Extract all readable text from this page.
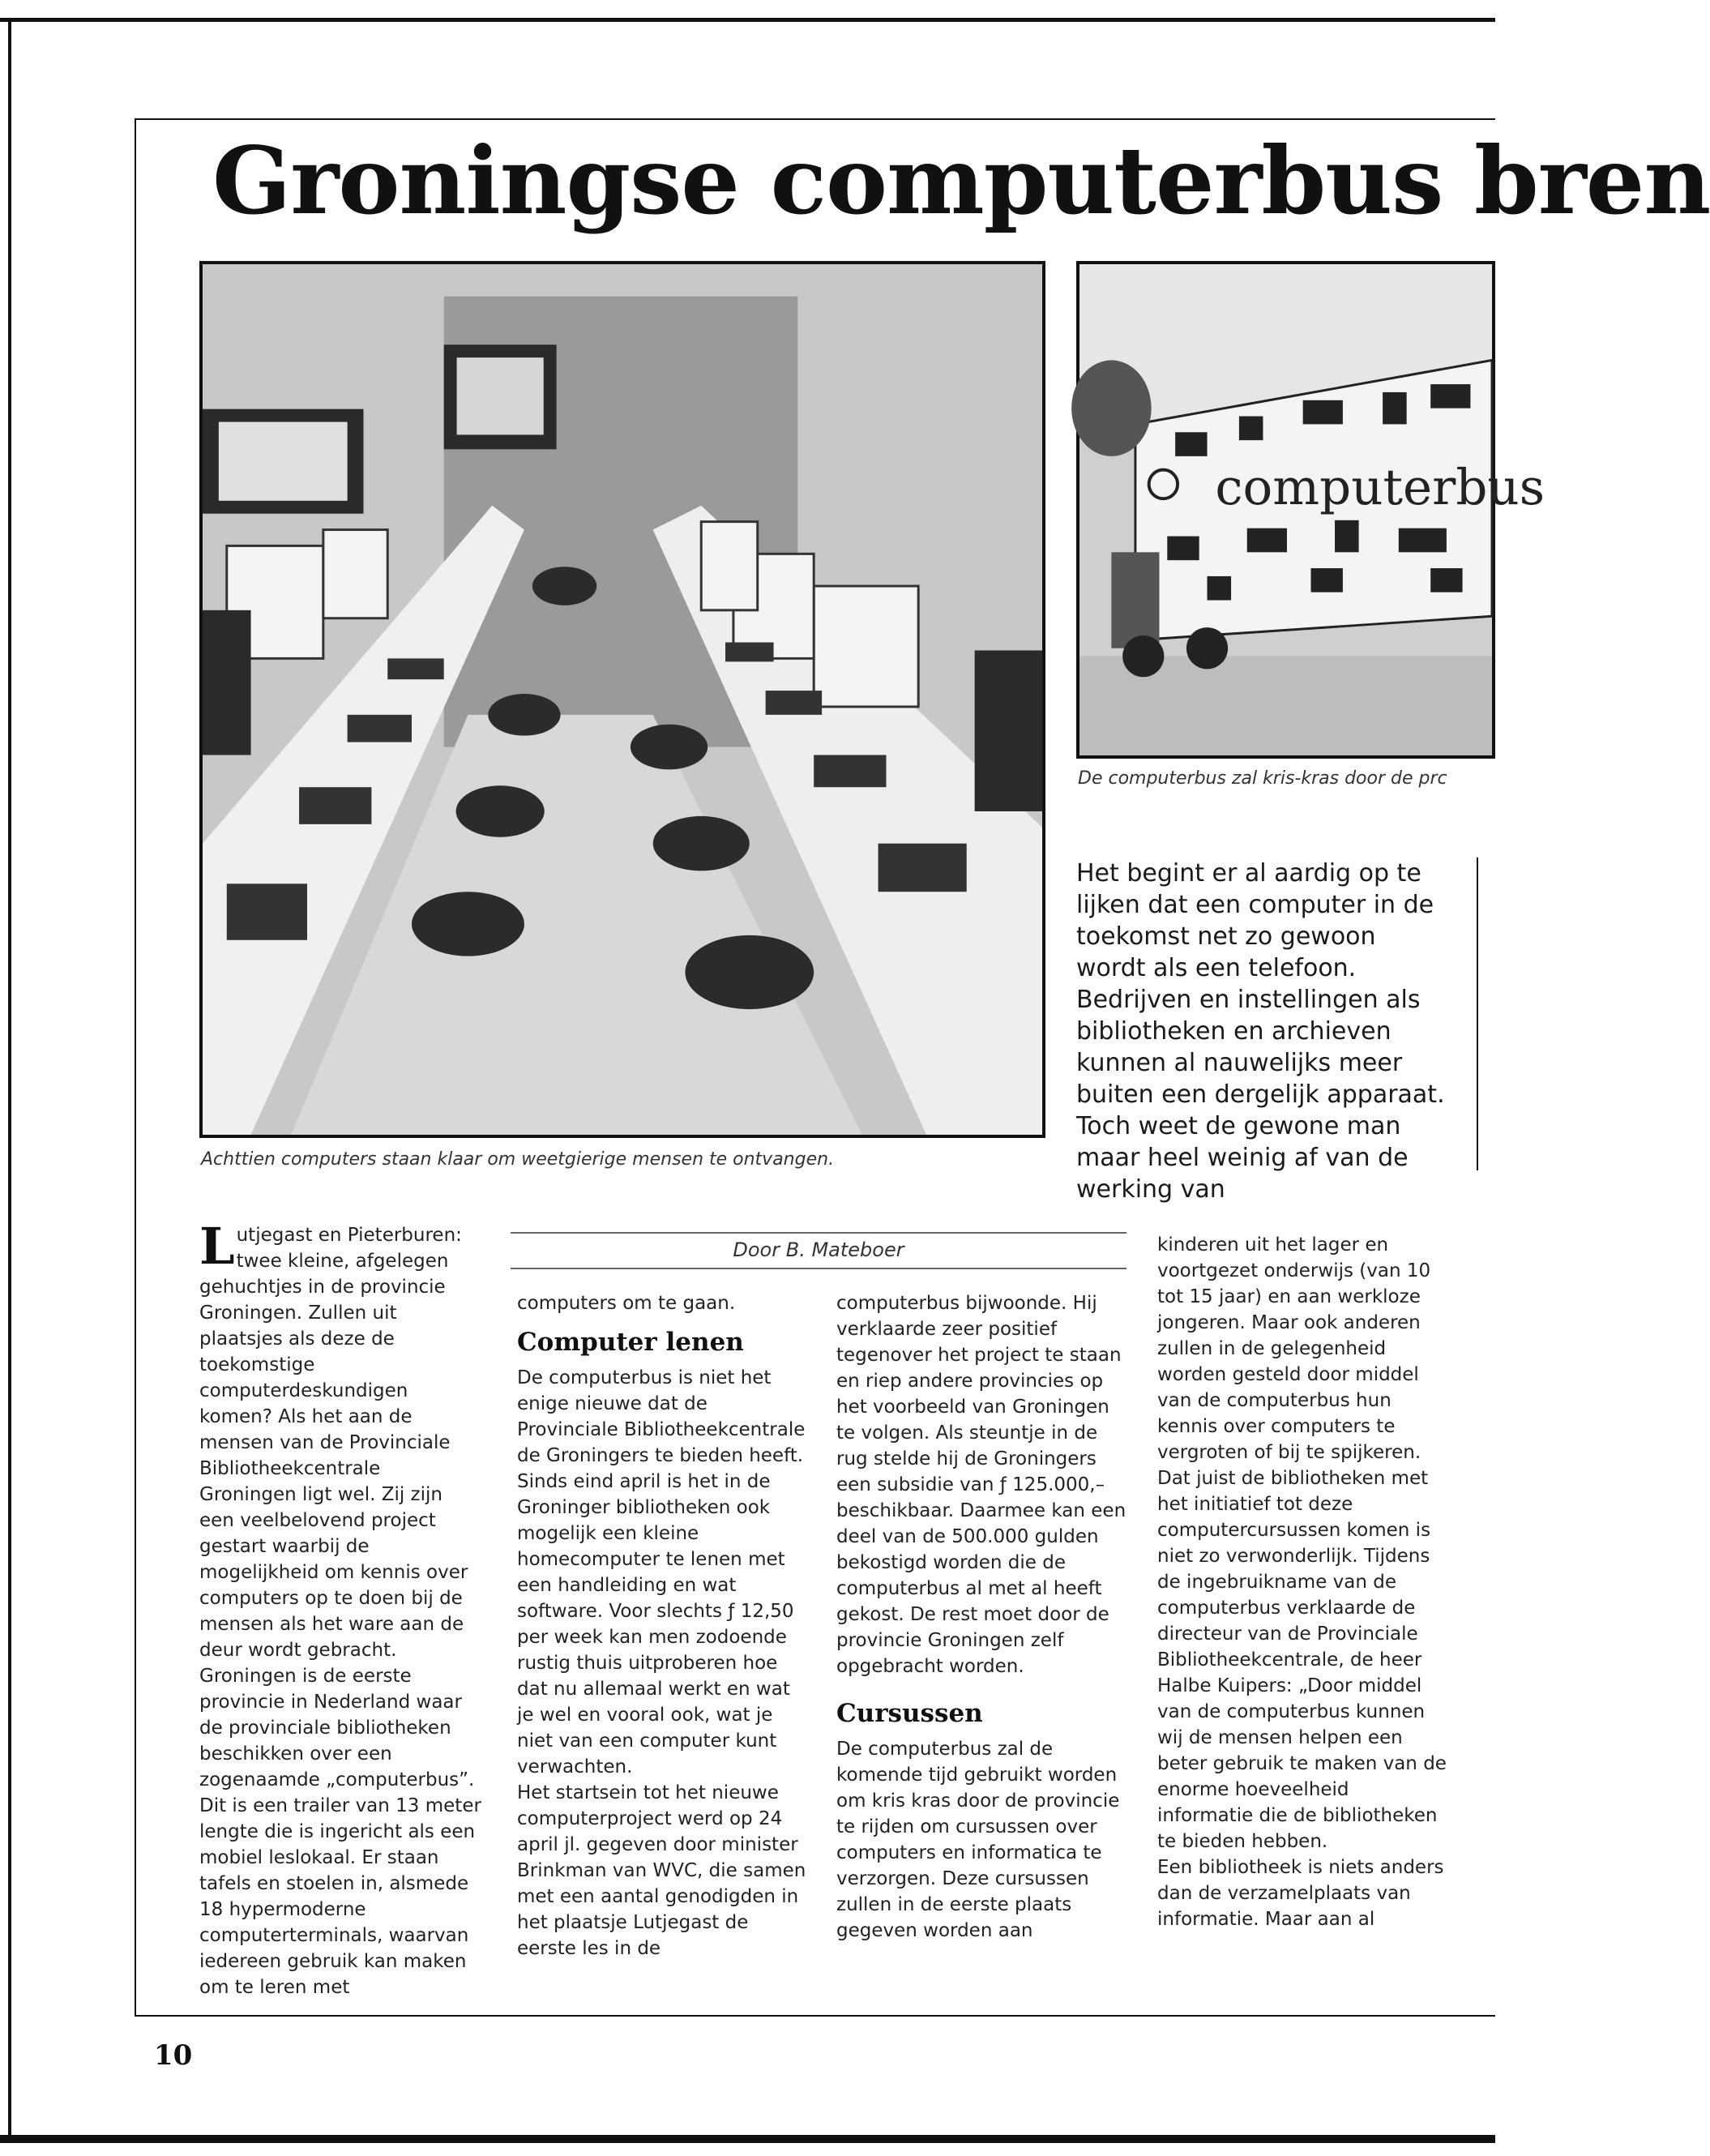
Groningse computerbus bren

Achttien computers staan klaar om weetgierige mensen te ontvangen.

computerbus

De computerbus zal kris-kras door de prc

Het begint er al aardig op te lijken dat een computer in de toekomst net zo gewoon wordt als een telefoon. Bedrijven en instellingen als bibliotheken en archieven kunnen al nauwelijks meer buiten een dergelijk apparaat. Toch weet de gewone man maar heel weinig af van de werking van

Door B. Mateboer

Lutjegast en Pieterburen: twee kleine, afgelegen gehuchtjes in de provincie Groningen. Zullen uit plaatsjes als deze de toekomstige computerdeskundigen komen? Als het aan de mensen van de Provinciale Bibliotheekcentrale Groningen ligt wel. Zij zijn een veelbelovend project gestart waarbij de mogelijkheid om kennis over computers op te doen bij de mensen als het ware aan de deur wordt gebracht. Groningen is de eerste provincie in Nederland waar de provinciale bibliotheken beschikken over een zogenaamde „computerbus”. Dit is een trailer van 13 meter lengte die is ingericht als een mobiel leslokaal. Er staan tafels en stoelen in, alsmede 18 hypermoderne computerterminals, waarvan iedereen gebruik kan maken om te leren met

computers om te gaan.

Computer lenen

De computerbus is niet het enige nieuwe dat de Provinciale Bibliotheekcentrale de Groningers te bieden heeft. Sinds eind april is het in de Groninger bibliotheken ook mogelijk een kleine homecomputer te lenen met een handleiding en wat software. Voor slechts ƒ 12,50 per week kan men zodoende rustig thuis uitproberen hoe dat nu allemaal werkt en wat je wel en vooral ook, wat je niet van een computer kunt verwachten.

Het startsein tot het nieuwe computerproject werd op 24 april jl. gegeven door minister Brinkman van WVC, die samen met een aantal genodigden in het plaatsje Lutjegast de eerste les in de

computerbus bijwoonde. Hij verklaarde zeer positief tegenover het project te staan en riep andere provincies op het voorbeeld van Groningen te volgen. Als steuntje in de rug stelde hij de Groningers een subsidie van ƒ 125.000,– beschikbaar. Daarmee kan een deel van de 500.000 gulden bekostigd worden die de computerbus al met al heeft gekost. De rest moet door de provincie Groningen zelf opgebracht worden.

Cursussen

De computerbus zal de komende tijd gebruikt worden om kris kras door de provincie te rijden om cursussen over computers en informatica te verzorgen. Deze cursussen zullen in de eerste plaats gegeven worden aan

kinderen uit het lager en voortgezet onderwijs (van 10 tot 15 jaar) en aan werkloze jongeren. Maar ook anderen zullen in de gelegenheid worden gesteld door middel van de computerbus hun kennis over computers te vergroten of bij te spijkeren.

Dat juist de bibliotheken met het initiatief tot deze computercursussen komen is niet zo verwonderlijk. Tijdens de ingebruikname van de computerbus verklaarde de directeur van de Provinciale Bibliotheekcentrale, de heer Halbe Kuipers: „Door middel van de computerbus kunnen wij de mensen helpen een beter gebruik te maken van de enorme hoeveelheid informatie die de bibliotheken te bieden hebben.

Een bibliotheek is niets anders dan de verzamelplaats van informatie. Maar aan al

10
